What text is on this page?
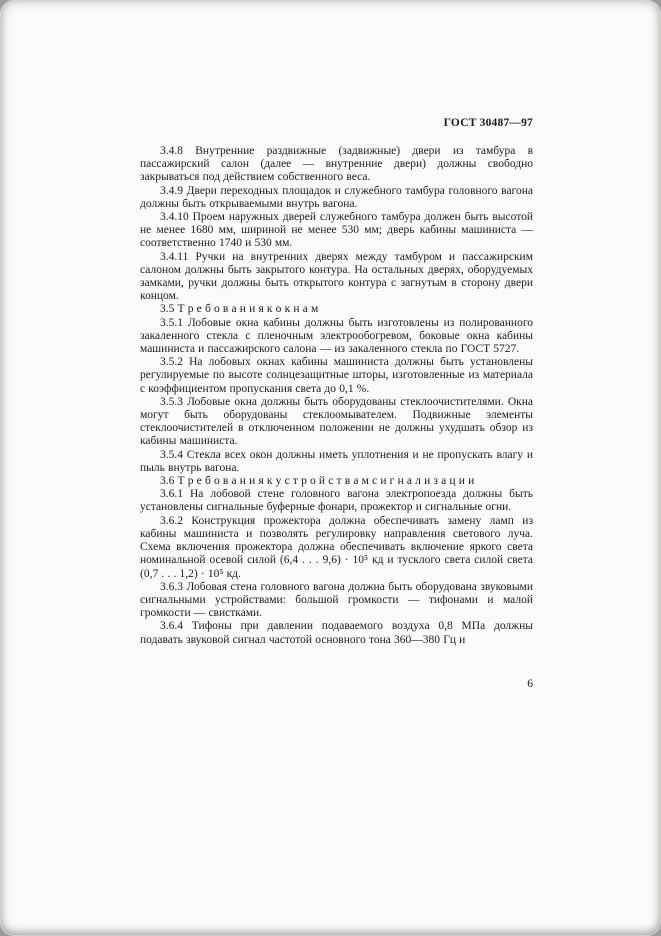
ГОСТ 30487—97

3.4.8 Внутренние раздвижные (задвижные) двери из тамбура в пассажирский салон (далее — внутренние двери) должны свободно закрываться под действием собственного веса.

3.4.9 Двери переходных площадок и служебного тамбура головного вагона должны быть открываемыми внутрь вагона.

3.4.10 Проем наружных дверей служебного тамбура должен быть высотой не менее 1680 мм, шириной не менее 530 мм; дверь кабины машиниста — соответственно 1740 и 530 мм.

3.4.11 Ручки на внутренних дверях между тамбуром и пассажирским салоном должны быть закрытого контура. На остальных дверях, оборудуемых замками, ручки должны быть открытого контура с загнутым в сторону двери концом.

3.5 Т р е б о в а н и я к о к н а м

3.5.1 Лобовые окна кабины должны быть изготовлены из полированного закаленного стекла с пленочным электрообогревом, боковые окна кабины машиниста и пассажирского салона — из закаленного стекла по ГОСТ 5727.

3.5.2 На лобовых окнах кабины машиниста должны быть установлены регулируемые по высоте солнцезащитные шторы, изготовленные из материала с коэффициентом пропускания света до 0,1 %.

3.5.3 Лобовые окна должны быть оборудованы стеклоочистителями. Окна могут быть оборудованы стеклоомывателем. Подвижные элементы стеклоочистителей в отключенном положении не должны ухудшать обзор из кабины машиниста.

3.5.4 Стекла всех окон должны иметь уплотнения и не пропускать влагу и пыль внутрь вагона.

3.6 Т р е б о в а н и я к у с т р о й с т в а м с и г н а л и з а ц и и

3.6.1 На лобовой стене головного вагона электропоезда должны быть установлены сигнальные буферные фонари, прожектор и сигнальные огни.

3.6.2 Конструкция прожектора должна обеспечивать замену ламп из кабины машиниста и позволять регулировку направления светового луча. Схема включения прожектора должна обеспечивать включение яркого света номинальной осевой силой (6,4 . . . 9,6) · 10⁵ кд и тусклого света силой света (0,7 . . . 1,2) · 10⁵ кд.

3.6.3 Лобовая стена головного вагона должна быть оборудована звуковыми сигнальными устройствами: большой громкости — тифонами и малой громкости — свистками.

3.6.4 Тифоны при давлении подаваемого воздуха 0,8 МПа должны подавать звуковой сигнал частотой основного тона 360—380 Гц и

6
